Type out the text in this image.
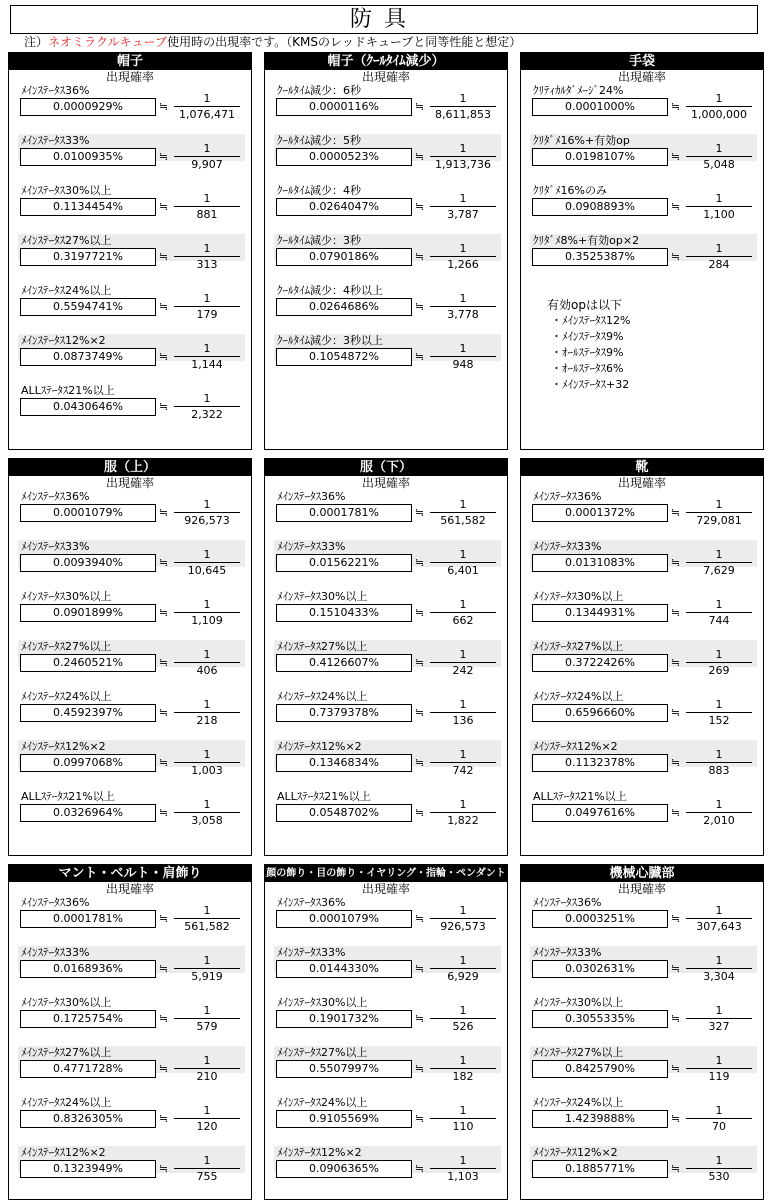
防具
注）ネオミラクルキューブ使用時の出現率です。（KMSのレッドキューブと同等性能と想定）
帽子
出現確率
ﾒｲﾝｽﾃｰﾀｽ36%
0.0000929%	≒
1
1,076,471
ﾒｲﾝｽﾃｰﾀｽ33%
0.0100935%	≒
1
9,907
ﾒｲﾝｽﾃｰﾀｽ30%以上
0.1134454%	≒
1
881
ﾒｲﾝｽﾃｰﾀｽ27%以上
0.3197721%	≒
1
313
ﾒｲﾝｽﾃｰﾀｽ24%以上
0.5594741%	≒
1
179
ﾒｲﾝｽﾃｰﾀｽ12%×2
0.0873749%	≒
1
1,144
ALLｽﾃｰﾀｽ21%以上
0.0430646%	≒
1
2,322
帽子（ｸｰﾙﾀｲﾑ減少）
出現確率
ｸｰﾙﾀｲﾑ減少：6秒
0.0000116%	≒
1
8,611,853
ｸｰﾙﾀｲﾑ減少：5秒
0.0000523%	≒
1
1,913,736
ｸｰﾙﾀｲﾑ減少：4秒
0.0264047%	≒
1
3,787
ｸｰﾙﾀｲﾑ減少：3秒
0.0790186%	≒
1
1,266
ｸｰﾙﾀｲﾑ減少：4秒以上
0.0264686%	≒
1
3,778
ｸｰﾙﾀｲﾑ減少：3秒以上
0.1054872%	≒
1
948
手袋
出現確率
ｸﾘﾃｨｶﾙﾀﾞﾒｰｼﾞ24%
0.0001000%	≒
1
1,000,000
ｸﾘﾀﾞﾒ16%+有効op
0.0198107%	≒
1
5,048
ｸﾘﾀﾞﾒ16%のみ
0.0908893%	≒
1
1,100
ｸﾘﾀﾞﾒ8%+有効op×2
0.3525387%	≒
1
284
有効opは以下
・ﾒｲﾝｽﾃｰﾀｽ12%
・ﾒｲﾝｽﾃｰﾀｽ9%
・ｵｰﾙｽﾃｰﾀｽ9%
・ｵｰﾙｽﾃｰﾀｽ6%
・ﾒｲﾝｽﾃｰﾀｽ+32
服（上）
出現確率
ﾒｲﾝｽﾃｰﾀｽ36%
0.0001079%	≒
1
926,573
ﾒｲﾝｽﾃｰﾀｽ33%
0.0093940%	≒
1
10,645
ﾒｲﾝｽﾃｰﾀｽ30%以上
0.0901899%	≒
1
1,109
ﾒｲﾝｽﾃｰﾀｽ27%以上
0.2460521%	≒
1
406
ﾒｲﾝｽﾃｰﾀｽ24%以上
0.4592397%	≒
1
218
ﾒｲﾝｽﾃｰﾀｽ12%×2
0.0997068%	≒
1
1,003
ALLｽﾃｰﾀｽ21%以上
0.0326964%	≒
1
3,058
服（下）
出現確率
ﾒｲﾝｽﾃｰﾀｽ36%
0.0001781%	≒
1
561,582
ﾒｲﾝｽﾃｰﾀｽ33%
0.0156221%	≒
1
6,401
ﾒｲﾝｽﾃｰﾀｽ30%以上
0.1510433%	≒
1
662
ﾒｲﾝｽﾃｰﾀｽ27%以上
0.4126607%	≒
1
242
ﾒｲﾝｽﾃｰﾀｽ24%以上
0.7379378%	≒
1
136
ﾒｲﾝｽﾃｰﾀｽ12%×2
0.1346834%	≒
1
742
ALLｽﾃｰﾀｽ21%以上
0.0548702%	≒
1
1,822
靴
出現確率
ﾒｲﾝｽﾃｰﾀｽ36%
0.0001372%	≒
1
729,081
ﾒｲﾝｽﾃｰﾀｽ33%
0.0131083%	≒
1
7,629
ﾒｲﾝｽﾃｰﾀｽ30%以上
0.1344931%	≒
1
744
ﾒｲﾝｽﾃｰﾀｽ27%以上
0.3722426%	≒
1
269
ﾒｲﾝｽﾃｰﾀｽ24%以上
0.6596660%	≒
1
152
ﾒｲﾝｽﾃｰﾀｽ12%×2
0.1132378%	≒
1
883
ALLｽﾃｰﾀｽ21%以上
0.0497616%	≒
1
2,010
マント・ベルト・肩飾り
出現確率
ﾒｲﾝｽﾃｰﾀｽ36%
0.0001781%	≒
1
561,582
ﾒｲﾝｽﾃｰﾀｽ33%
0.0168936%	≒
1
5,919
ﾒｲﾝｽﾃｰﾀｽ30%以上
0.1725754%	≒
1
579
ﾒｲﾝｽﾃｰﾀｽ27%以上
0.4771728%	≒
1
210
ﾒｲﾝｽﾃｰﾀｽ24%以上
0.8326305%	≒
1
120
ﾒｲﾝｽﾃｰﾀｽ12%×2
0.1323949%	≒
1
755
顔の飾り・目の飾り・イヤリング・指輪・ペンダント
出現確率
ﾒｲﾝｽﾃｰﾀｽ36%
0.0001079%	≒
1
926,573
ﾒｲﾝｽﾃｰﾀｽ33%
0.0144330%	≒
1
6,929
ﾒｲﾝｽﾃｰﾀｽ30%以上
0.1901732%	≒
1
526
ﾒｲﾝｽﾃｰﾀｽ27%以上
0.5507997%	≒
1
182
ﾒｲﾝｽﾃｰﾀｽ24%以上
0.9105569%	≒
1
110
ﾒｲﾝｽﾃｰﾀｽ12%×2
0.0906365%	≒
1
1,103
機械心臓部
出現確率
ﾒｲﾝｽﾃｰﾀｽ36%
0.0003251%	≒
1
307,643
ﾒｲﾝｽﾃｰﾀｽ33%
0.0302631%	≒
1
3,304
ﾒｲﾝｽﾃｰﾀｽ30%以上
0.3055335%	≒
1
327
ﾒｲﾝｽﾃｰﾀｽ27%以上
0.8425790%	≒
1
119
ﾒｲﾝｽﾃｰﾀｽ24%以上
1.4239888%	≒
1
70
ﾒｲﾝｽﾃｰﾀｽ12%×2
0.1885771%	≒
1
530
